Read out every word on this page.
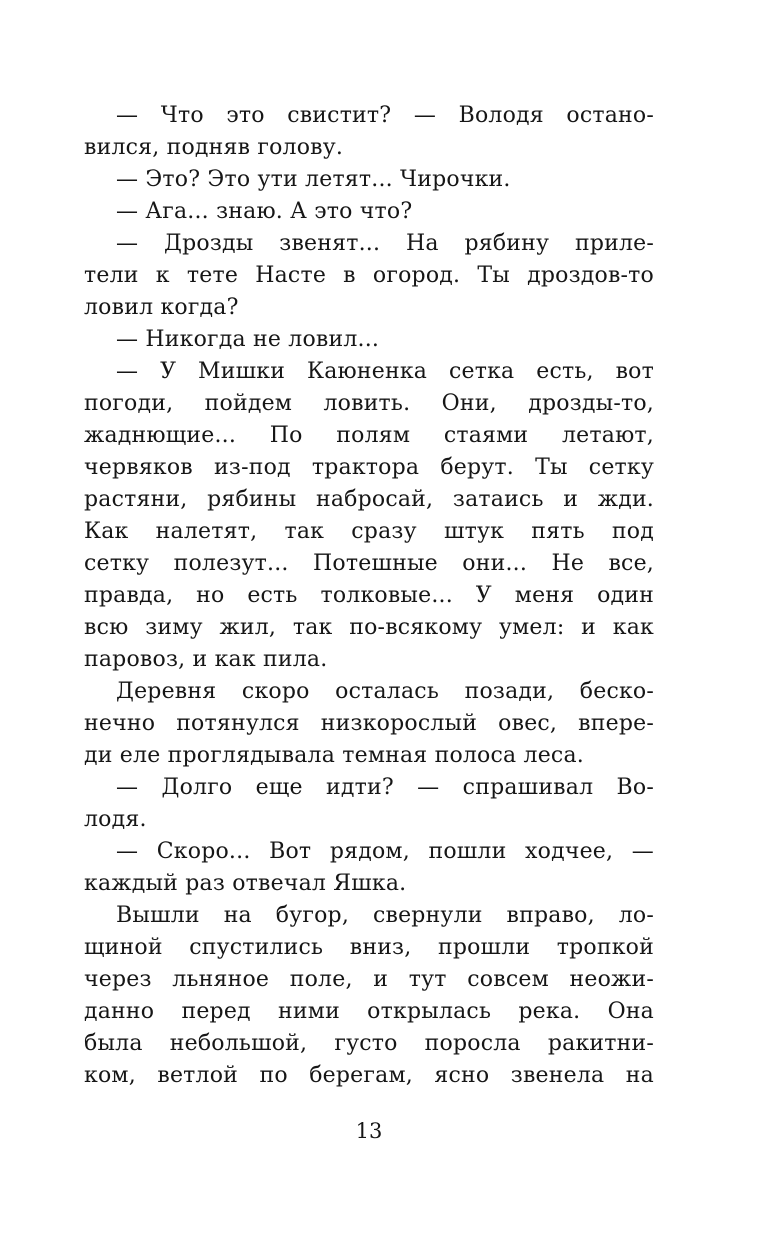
— Что это свистит? — Володя остано-
вился, подняв голову.
— Это? Это ути летят... Чирочки.
— Ага... знаю. А это что?
— Дрозды звенят... На рябину приле-
тели к тете Насте в огород. Ты дроздов-то
ловил когда?
— Никогда не ловил...
— У Мишки Каюненка сетка есть, вот
погоди, пойдем ловить. Они, дрозды-то,
жаднющие... По полям стаями летают,
червяков из-под трактора берут. Ты сетку
растяни, рябины набросай, затаись и жди.
Как налетят, так сразу штук пять под
сетку полезут... Потешные они... Не все,
правда, но есть толковые... У меня один
всю зиму жил, так по-всякому умел: и как
паровоз, и как пила.
Деревня скоро осталась позади, беско-
нечно потянулся низкорослый овес, впере-
ди еле проглядывала темная полоса леса.
— Долго еще идти? — спрашивал Во-
лодя.
— Скоро... Вот рядом, пошли ходчее, —
каждый раз отвечал Яшка.
Вышли на бугор, свернули вправо, ло-
щиной спустились вниз, прошли тропкой
через льняное поле, и тут совсем неожи-
данно перед ними открылась река. Она
была небольшой, густо поросла ракитни-
ком, ветлой по берегам, ясно звенела на
13
